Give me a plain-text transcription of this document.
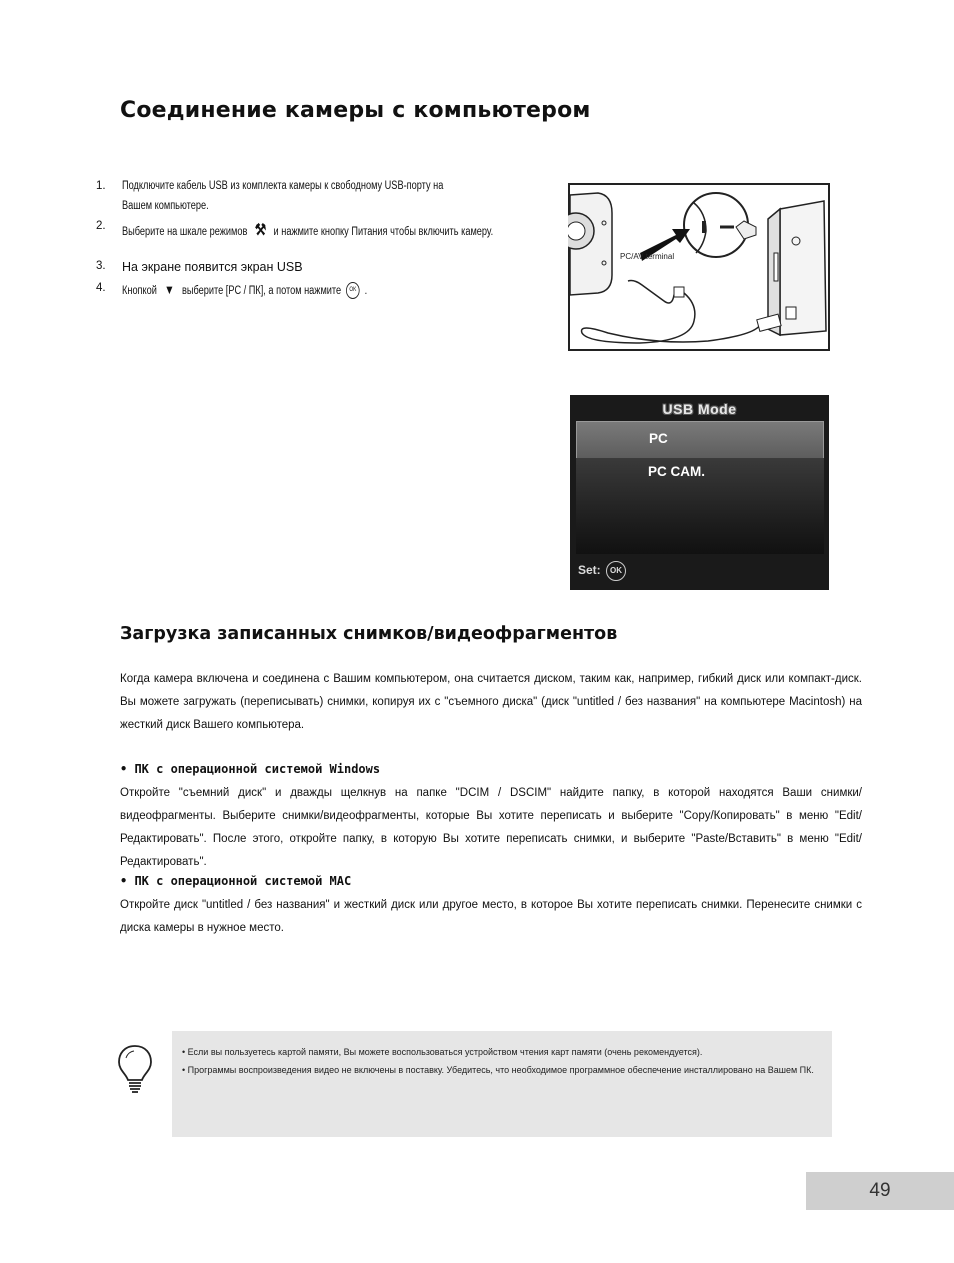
Соединение камеры с компьютером
1.	Подключите кабель USB из комплекта камеры к свободному USB-порту на
Вашем компьютере.
2.	Выберите на шкале режимов ⚒ и нажмите кнопку Питания чтобы включить камеру.
3.	На экране появится экран USB
4.	Кнопкой ▼ выберите [PC / ПК], а потом нажмите OK .
PC/AV terminal
USB Mode
PC
PC CAM.
Set: OK
Загрузка записанных снимков/видеофрагментов

Когда камера включена и соединена с Вашим компьютером, она считается диском, таким как, например, гибкий диск или компакт-диск. Вы можете загружать (переписывать) снимки, копируя их с "съемного диска" (диск "untitled / без названия" на компьютере Macintosh) на жесткий диск Вашего компьютера.

• ПК с операционной системой Windows

Откройте "съемний диск" и дважды щелкнув на папке "DCIM / DSCIM" найдите папку, в которой находятся Ваши снимки/видеофрагменты. Выберите снимки/видеофрагменты, которые Вы хотите переписать и выберите "Copy/Копировать" в меню "Edit/Редактировать". После этого, откройте папку, в которую Вы хотите переписать снимки, и выберите "Paste/Вставить" в меню "Edit/Редактировать".

• ПК с операционной системой MAC

Откройте диск "untitled / без названия" и жесткий диск или другое место, в которое Вы хотите переписать снимки. Перенесите снимки с диска камеры в нужное место.

• Если вы пользуетесь картой памяти, Вы можете воспользоваться устройством чтения карт памяти (очень рекомендуется).
• Программы воспроизведения видео не включены в поставку. Убедитесь, что необходимое программное обеспечение инсталлировано на Вашем ПК.
49
